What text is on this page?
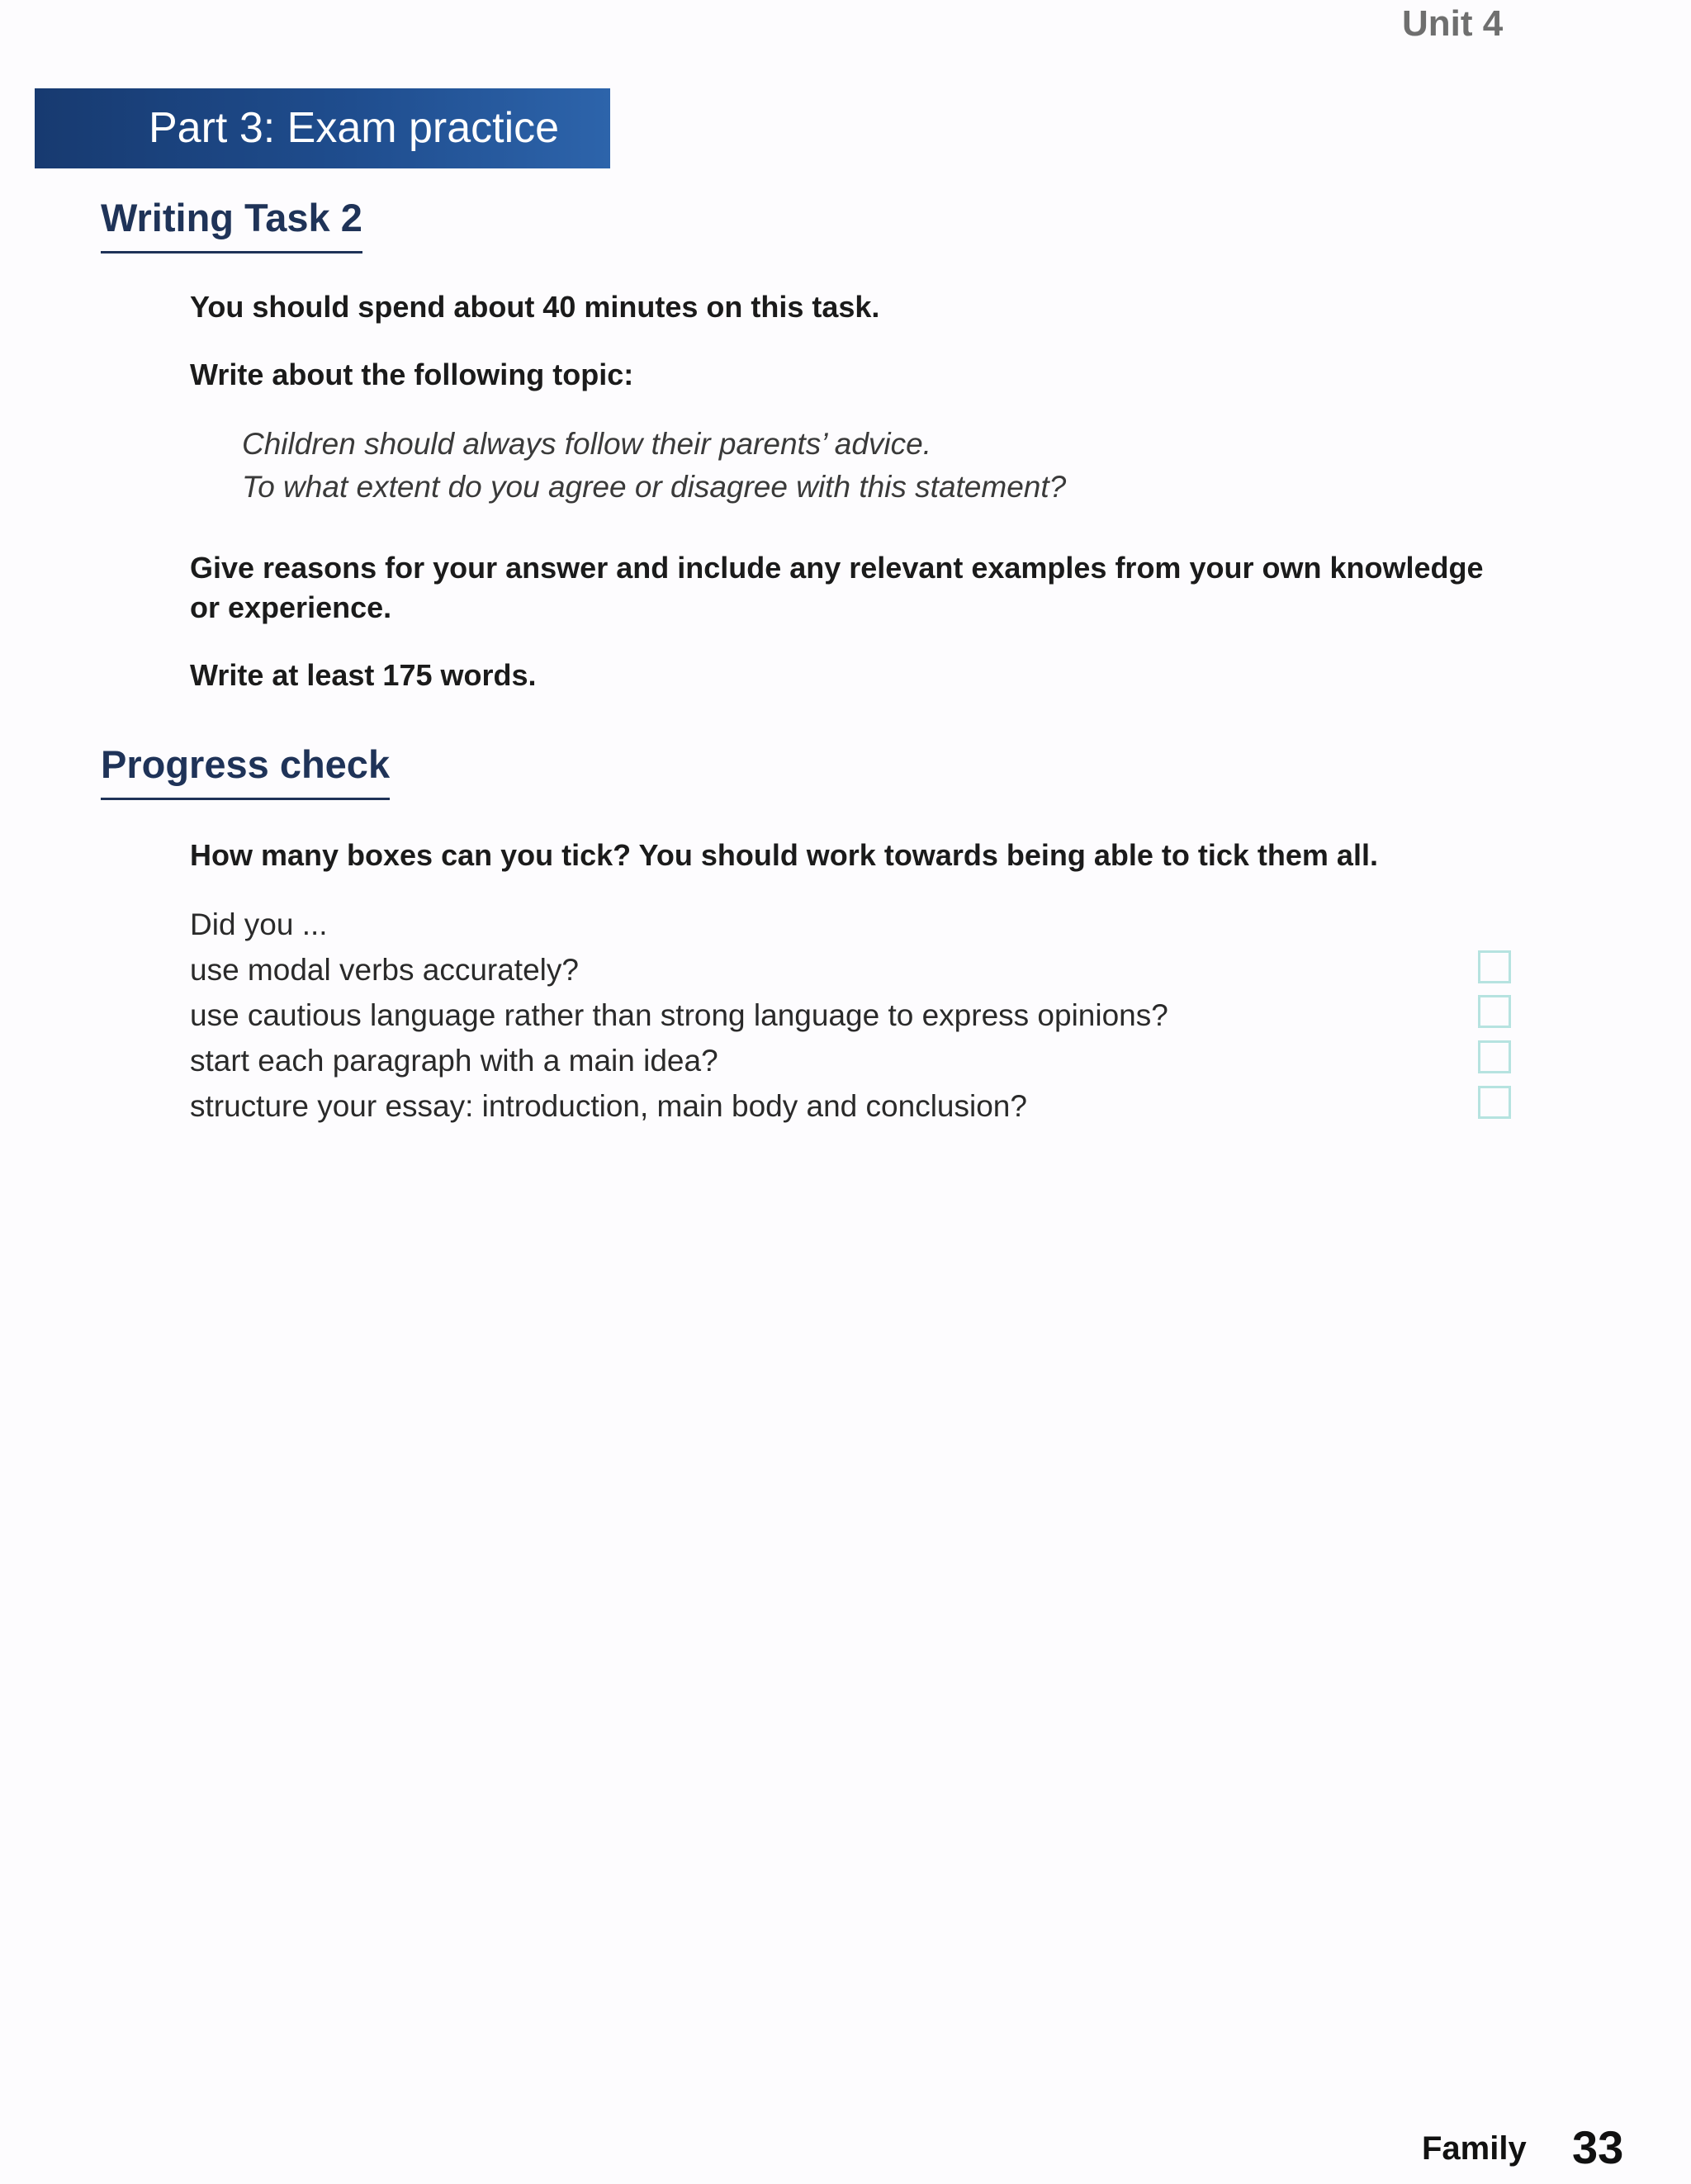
Unit 4
Part 3: Exam practice
Writing Task 2
You should spend about 40 minutes on this task.
Write about the following topic:
Children should always follow their parents’ advice.
To what extent do you agree or disagree with this statement?
Give reasons for your answer and include any relevant examples from your own knowledge or experience.
Write at least 175 words.
Progress check
How many boxes can you tick? You should work towards being able to tick them all.
Did you ...
use modal verbs accurately?
use cautious language rather than strong language to express opinions?
start each paragraph with a main idea?
structure your essay: introduction, main body and conclusion?
Family 33
